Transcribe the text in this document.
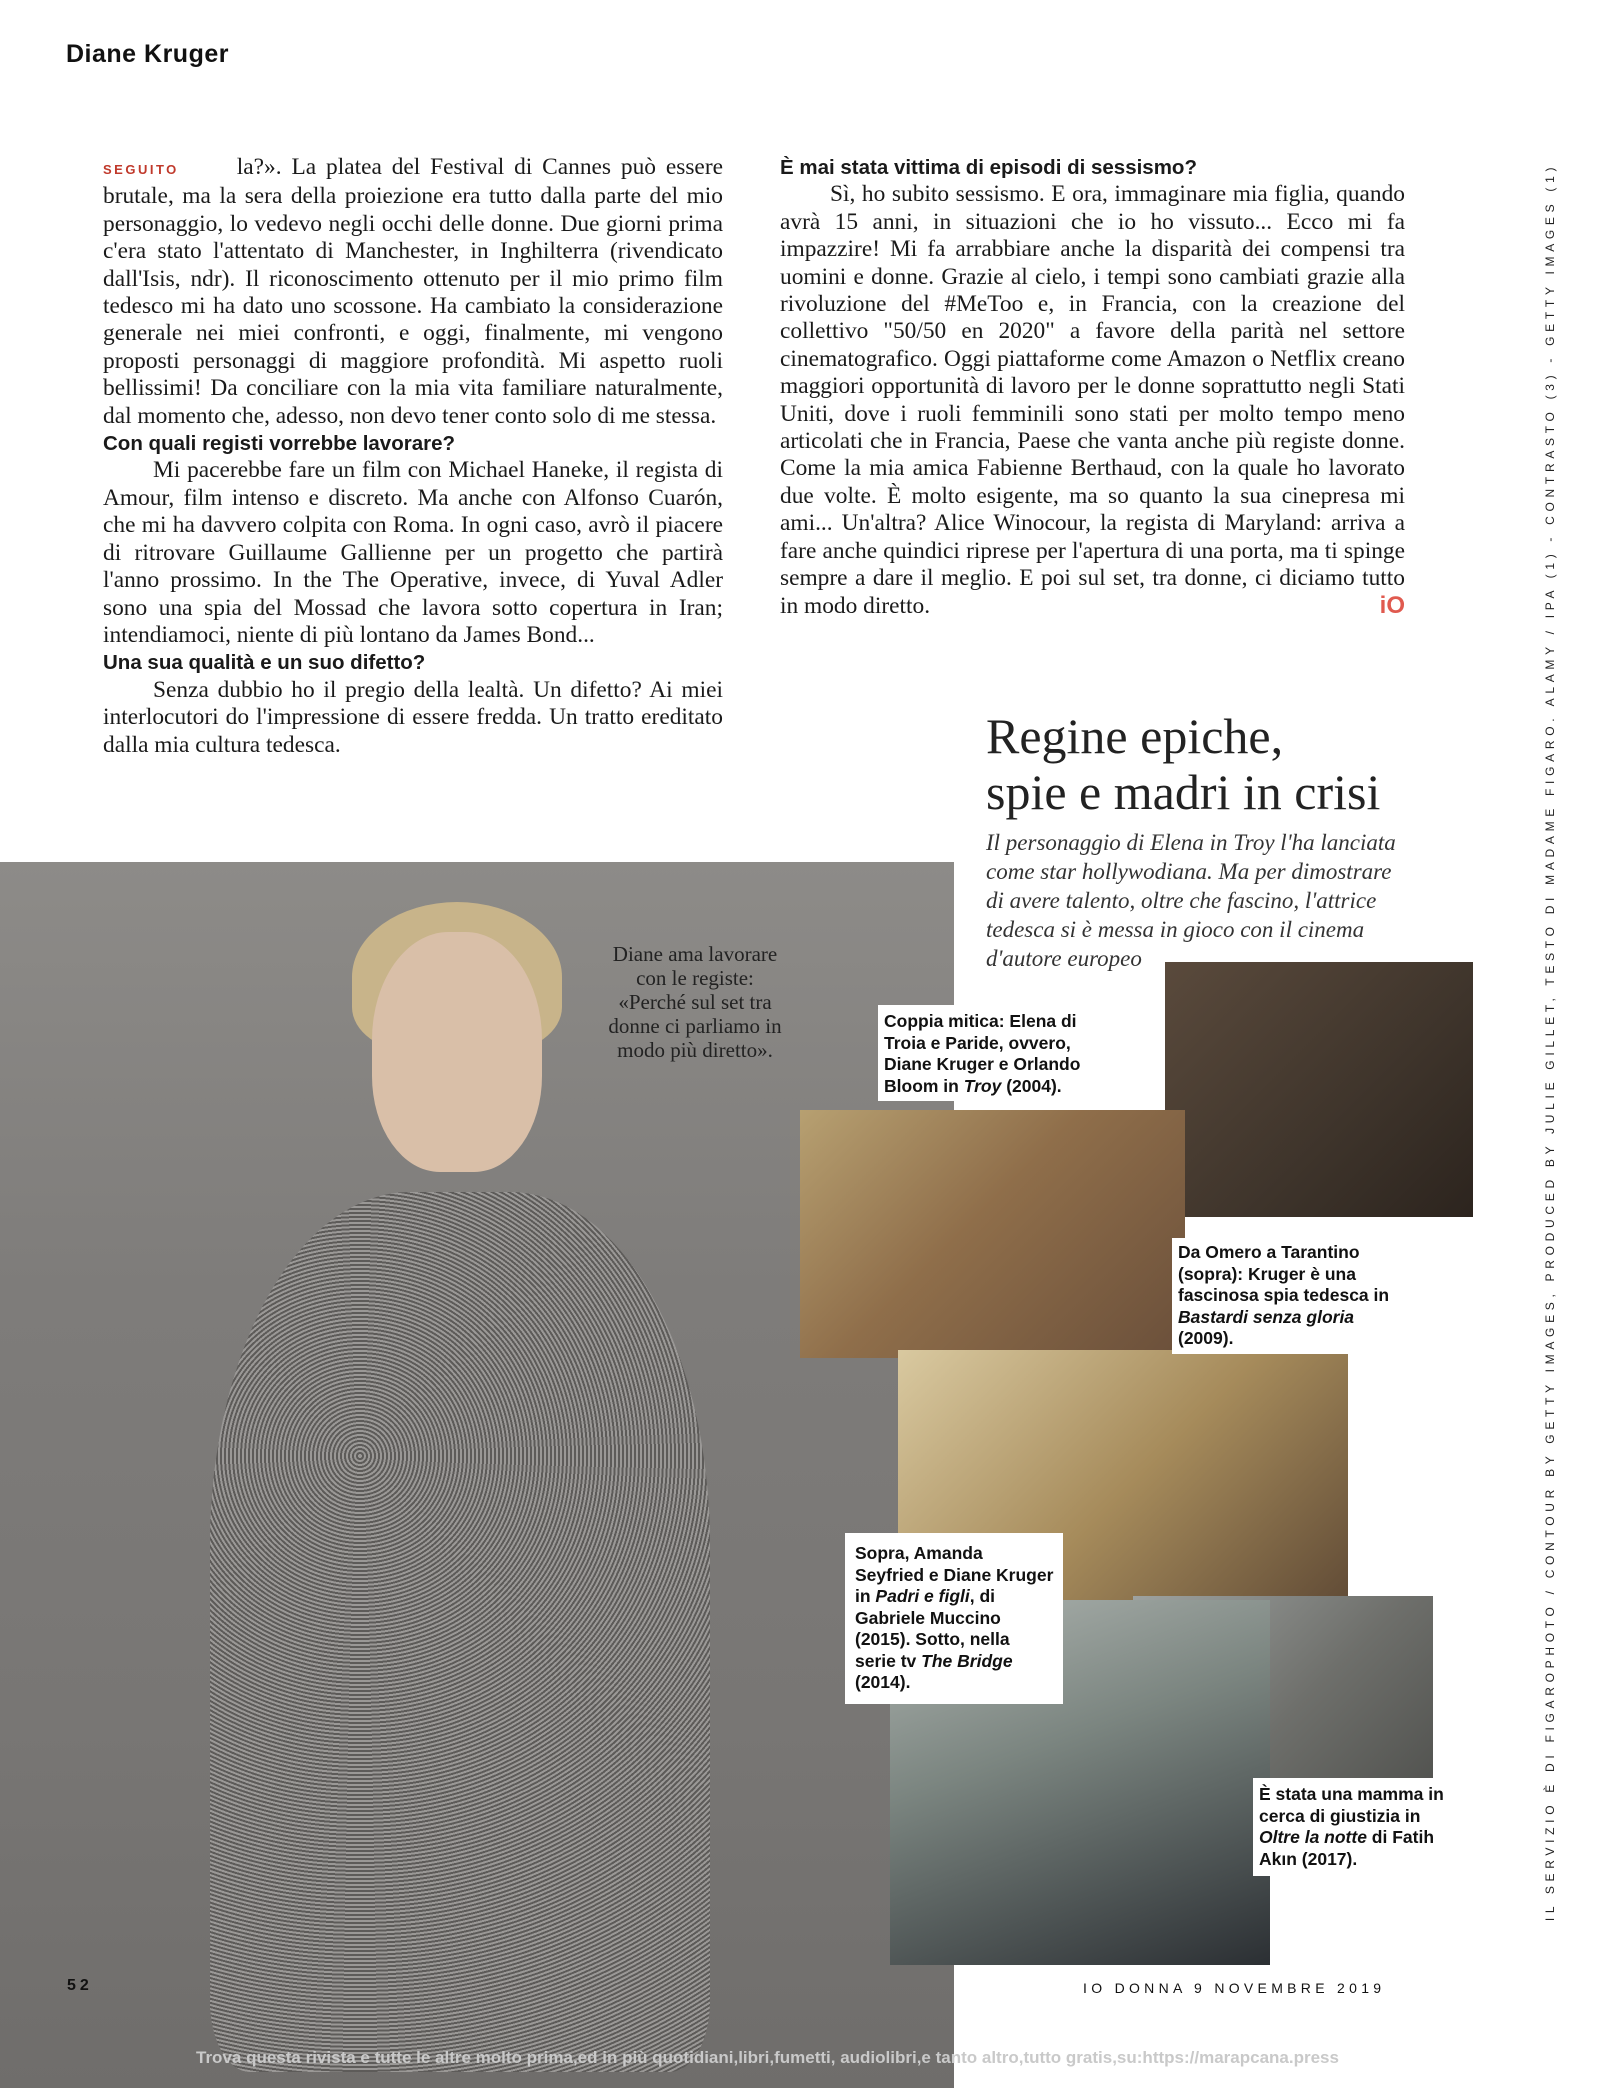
Diane Kruger

SEGUITO la?». La platea del Festival di Cannes può essere brutale, ma la sera della proiezione era tutto dalla parte del mio personaggio, lo vedevo negli occhi delle donne. Due giorni prima c'era stato l'attentato di Manchester, in Inghilterra (rivendicato dall'Isis, ndr). Il riconoscimento ottenuto per il mio primo film tedesco mi ha dato uno scossone. Ha cambiato la considerazione generale nei miei confronti, e oggi, finalmente, mi vengono proposti personaggi di maggiore profondità. Mi aspetto ruoli bellissimi! Da conciliare con la mia vita familiare naturalmente, dal momento che, adesso, non devo tener conto solo di me stessa.

Con quali registi vorrebbe lavorare?

Mi pacerebbe fare un film con Michael Haneke, il regista di Amour, film intenso e discreto. Ma anche con Alfonso Cuarón, che mi ha davvero colpita con Roma. In ogni caso, avrò il piacere di ritrovare Guillaume Gallienne per un progetto che partirà l'anno prossimo. In the The Operative, invece, di Yuval Adler sono una spia del Mossad che lavora sotto copertura in Iran; intendiamoci, niente di più lontano da James Bond...

Una sua qualità e un suo difetto?

Senza dubbio ho il pregio della lealtà. Un difetto? Ai miei interlocutori do l'impressione di essere fredda. Un tratto ereditato dalla mia cultura tedesca.

È mai stata vittima di episodi di sessismo?

Sì, ho subito sessismo. E ora, immaginare mia figlia, quando avrà 15 anni, in situazioni che io ho vissuto... Ecco mi fa impazzire! Mi fa arrabbiare anche la disparità dei compensi tra uomini e donne. Grazie al cielo, i tempi sono cambiati grazie alla rivoluzione del #MeToo e, in Francia, con la creazione del collettivo "50/50 en 2020" a favore della parità nel settore cinematografico. Oggi piattaforme come Amazon o Netflix creano maggiori opportunità di lavoro per le donne soprattutto negli Stati Uniti, dove i ruoli femminili sono stati per molto tempo meno articolati che in Francia, Paese che vanta anche più registe donne. Come la mia amica Fabienne Berthaud, con la quale ho lavorato due volte. È molto esigente, ma so quanto la sua cinepresa mi ami... Un'altra? Alice Winocour, la regista di Maryland: arriva a fare anche quindici riprese per l'apertura di una porta, ma ti spinge sempre a dare il meglio. E poi sul set, tra donne, ci diciamo tutto in modo diretto.	iO
Regine epiche,
spie e madri in crisi
Il personaggio di Elena in Troy l'ha lanciata come star hollywodiana. Ma per dimostrare di avere talento, oltre che fascino, l'attrice tedesca si è messa in gioco con il cinema d'autore europeo
Diane ama lavorare con le registe: «Perché sul set tra donne ci parliamo in modo più diretto».
Coppia mitica: Elena di Troia e Paride, ovvero, Diane Kruger e Orlando Bloom in Troy (2004).
Da Omero a Tarantino (sopra): Kruger è una fascinosa spia tedesca in Bastardi senza gloria (2009).
Sopra, Amanda Seyfried e Diane Kruger in Padri e figli, di Gabriele Muccino (2015). Sotto, nella serie tv The Bridge (2014).
È stata una mamma in cerca di giustizia in Oltre la notte di Fatih Akın (2017).	IL SERVIZIO È DI FIGAROPHOTO / CONTOUR BY GETTY IMAGES, PRODUCED BY JULIE GILLET, TESTO DI MADAME FIGARO. ALAMY / IPA (1) - CONTRASTO (3) - GETTY IMAGES (1)
52	IO DONNA 9 NOVEMBRE 2019
Trova questa rivista e tutte le altre molto prima,ed in più quotidiani,libri,fumetti, audiolibri,e tanto altro,tutto gratis,su:https://marapcana.press
